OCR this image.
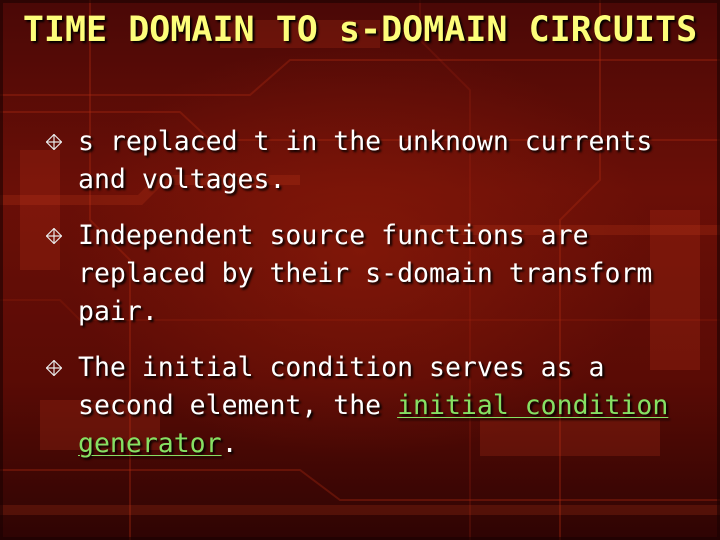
TIME DOMAIN TO s-DOMAIN CIRCUITS
s replaced t in the unknown currents and voltages.
Independent source functions are replaced by their s-domain transform pair.
The initial condition serves as a second element, the initial condition generator.
